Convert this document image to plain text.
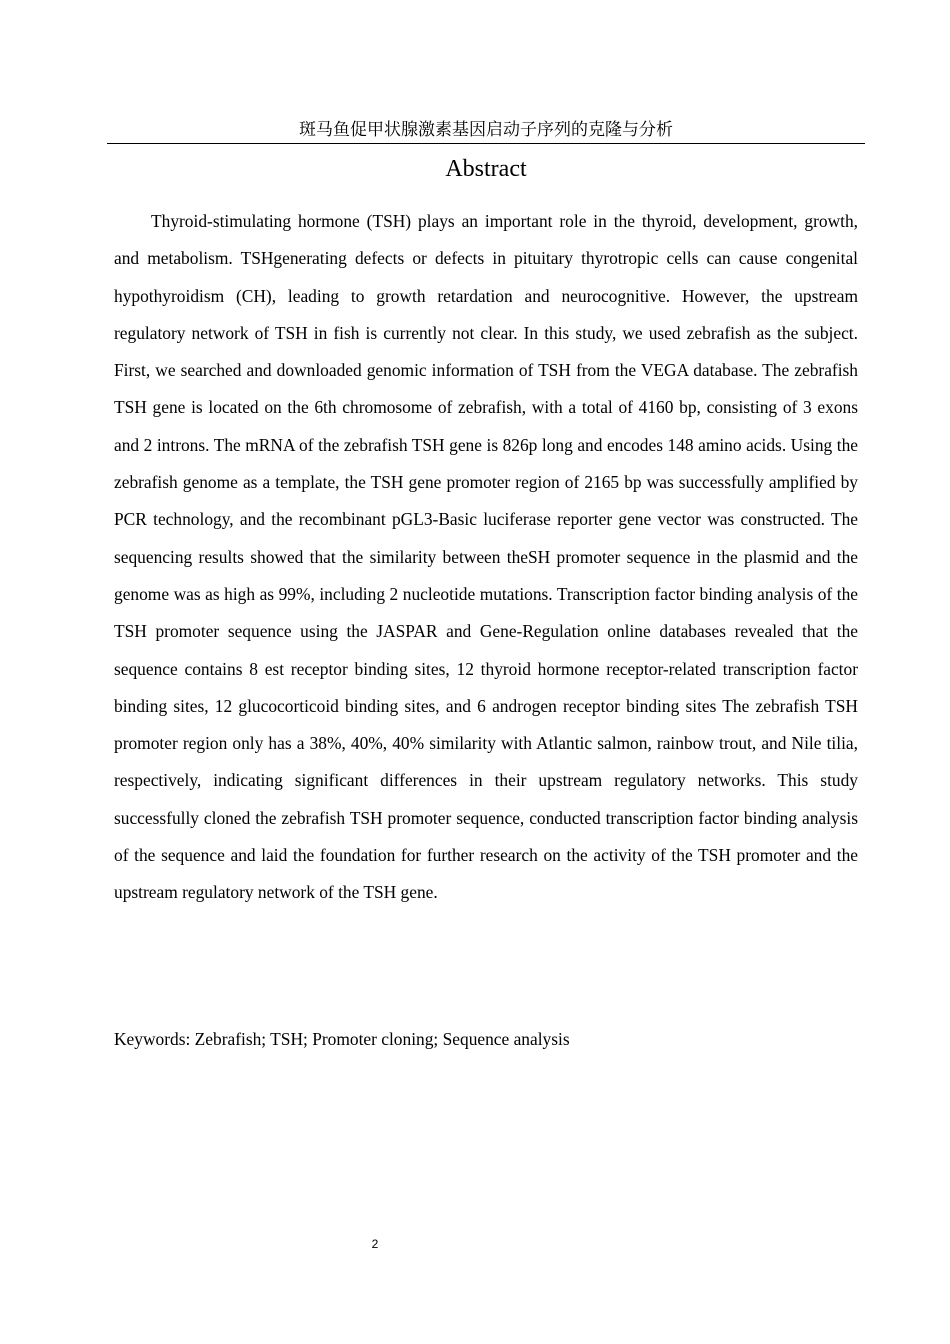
斑马鱼促甲状腺激素基因启动子序列的克隆与分析
Abstract

Thyroid-stimulating hormone (TSH) plays an important role in the thyroid, development, growth, and metabolism. TSHgenerating defects or defects in pituitary thyrotropic cells can cause congenital hypothyroidism (CH), leading to growth retardation and neurocognitive. However, the upstream regulatory network of TSH in fish is currently not clear. In this study, we used zebrafish as the subject. First, we searched and downloaded genomic information of TSH from the VEGA database. The zebrafish TSH gene is located on the 6th chromosome of zebrafish, with a total of 4160 bp, consisting of 3 exons and 2 introns. The mRNA of the zebrafish TSH gene is 826p long and encodes 148 amino acids. Using the zebrafish genome as a template, the TSH gene promoter region of 2165 bp was successfully amplified by PCR technology, and the recombinant pGL3-Basic luciferase reporter gene vector was constructed. The sequencing results showed that the similarity between theSH promoter sequence in the plasmid and the genome was as high as 99%, including 2 nucleotide mutations. Transcription factor binding analysis of the TSH promoter sequence using the JASPAR and Gene-Regulation online databases revealed that the sequence contains 8 est receptor binding sites, 12 thyroid hormone receptor-related transcription factor binding sites, 12 glucocorticoid binding sites, and 6 androgen receptor binding sites The zebrafish TSH promoter region only has a 38%, 40%, 40% similarity with Atlantic salmon, rainbow trout, and Nile tilia, respectively, indicating significant differences in their upstream regulatory networks. This study successfully cloned the zebrafish TSH promoter sequence, conducted transcription factor binding analysis of the sequence and laid the foundation for further research on the activity of the TSH promoter and the upstream regulatory network of the TSH gene.

Keywords: Zebrafish; TSH; Promoter cloning; Sequence analysis

2
